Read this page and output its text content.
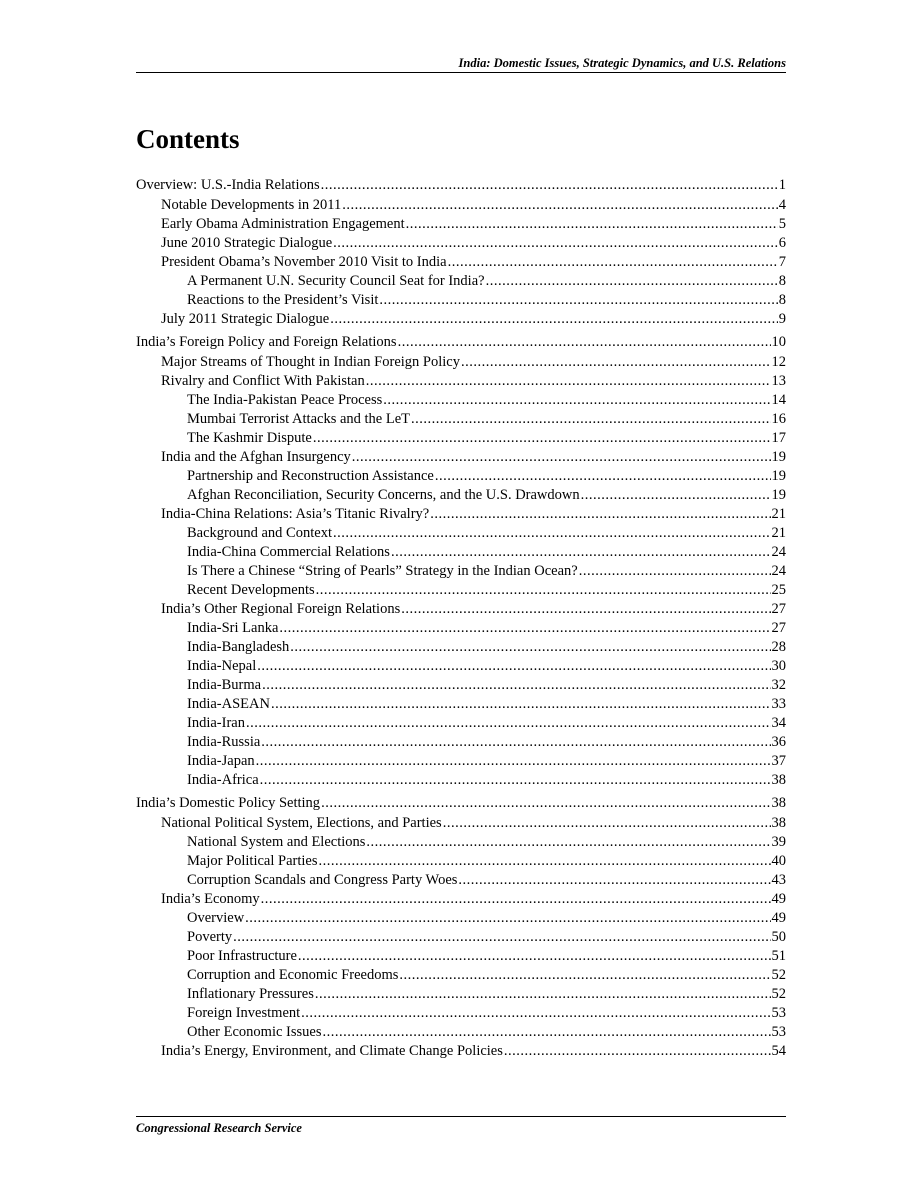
India: Domestic Issues, Strategic Dynamics, and U.S. Relations
Contents
Overview: U.S.-India Relations .....	1
Notable Developments in 2011 .....	4
Early Obama Administration Engagement .....	5
June 2010 Strategic Dialogue .....	6
President Obama’s November 2010 Visit to India .....	7
A Permanent U.N. Security Council Seat for India? .....	8
Reactions to the President’s Visit .....	8
July 2011 Strategic Dialogue .....	9
India’s Foreign Policy and Foreign Relations .....	10
Major Streams of Thought in Indian Foreign Policy .....	12
Rivalry and Conflict With Pakistan .....	13
The India-Pakistan Peace Process .....	14
Mumbai Terrorist Attacks and the LeT .....	16
The Kashmir Dispute .....	17
India and the Afghan Insurgency .....	19
Partnership and Reconstruction Assistance .....	19
Afghan Reconciliation, Security Concerns, and the U.S. Drawdown .....	19
India-China Relations: Asia’s Titanic Rivalry? .....	21
Background and Context .....	21
India-China Commercial Relations .....	24
Is There a Chinese “String of Pearls” Strategy in the Indian Ocean? .....	24
Recent Developments .....	25
India’s Other Regional Foreign Relations .....	27
India-Sri Lanka .....	27
India-Bangladesh .....	28
India-Nepal .....	30
India-Burma .....	32
India-ASEAN .....	33
India-Iran .....	34
India-Russia .....	36
India-Japan .....	37
India-Africa .....	38
India’s Domestic Policy Setting .....	38
National Political System, Elections, and Parties .....	38
National System and Elections .....	39
Major Political Parties .....	40
Corruption Scandals and Congress Party Woes .....	43
India’s Economy .....	49
Overview .....	49
Poverty .....	50
Poor Infrastructure .....	51
Corruption and Economic Freedoms .....	52
Inflationary Pressures .....	52
Foreign Investment .....	53
Other Economic Issues .....	53
India’s Energy, Environment, and Climate Change Policies .....	54
Congressional Research Service
